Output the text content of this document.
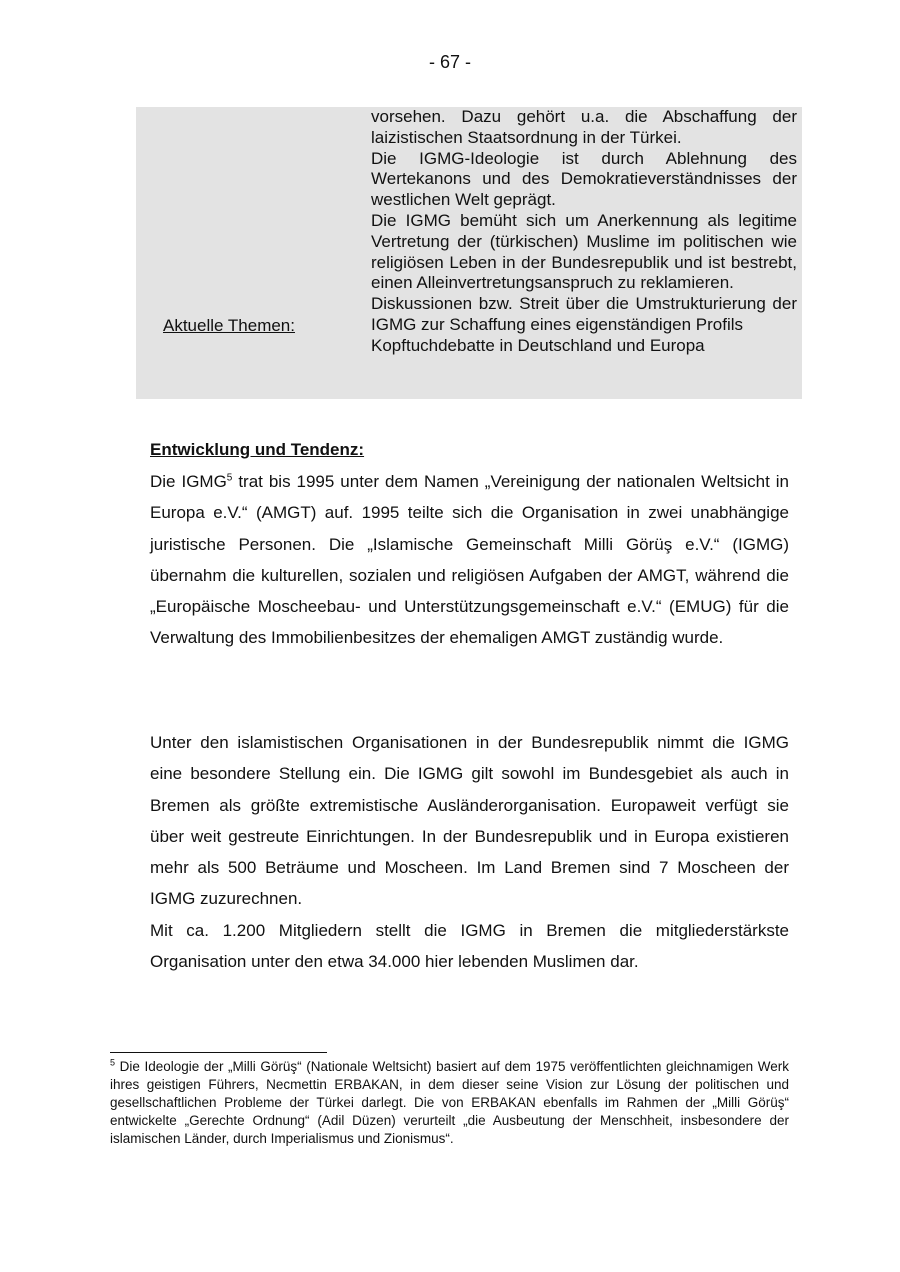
- 67 -
Aktuelle Themen:

vorsehen. Dazu gehört u.a. die Abschaffung der laizistischen Staatsordnung in der Türkei.

Die IGMG-Ideologie ist durch Ablehnung des Wertekanons und des Demokratieverständnisses der westlichen Welt geprägt.

Die IGMG bemüht sich um Anerkennung als legitime Vertretung der (türkischen) Muslime im politischen wie religiösen Leben in der Bundesrepublik und ist bestrebt, einen Alleinvertretungsanspruch zu reklamieren.

Diskussionen bzw. Streit über die Umstrukturierung der IGMG zur Schaffung eines eigenständigen Profils

Kopftuchdebatte in Deutschland und Europa

Entwicklung und Tendenz:

Die IGMG$^5$ trat bis 1995 unter dem Namen „Vereinigung der nationalen Weltsicht in Europa e.V.“ (AMGT) auf. 1995 teilte sich die Organisation in zwei unabhängige juristische Personen. Die „Islamische Gemeinschaft Milli Görüş e.V.“ (IGMG) übernahm die kulturellen, sozialen und religiösen Aufgaben der AMGT, während die „Europäische Moscheebau- und Unterstützungsgemeinschaft e.V.“ (EMUG) für die Verwaltung des Immobilienbesitzes der ehemaligen AMGT zuständig wurde.

Unter den islamistischen Organisationen in der Bundesrepublik nimmt die IGMG eine besondere Stellung ein. Die IGMG gilt sowohl im Bundesgebiet als auch in Bremen als größte extremistische Ausländerorganisation. Europaweit verfügt sie über weit gestreute Einrichtungen. In der Bundesrepublik und in Europa existieren mehr als 500 Beträume und Moscheen. Im Land Bremen sind 7 Moscheen der IGMG zuzurechnen.

Mit ca. 1.200 Mitgliedern stellt die IGMG in Bremen die mitgliederstärkste Organisation unter den etwa 34.000 hier lebenden Muslimen dar.

$^5$ Die Ideologie der „Milli Görüş“ (Nationale Weltsicht) basiert auf dem 1975 veröffentlichten gleichnamigen Werk ihres geistigen Führers, Necmettin ERBAKAN, in dem dieser seine Vision zur Lösung der politischen und gesellschaftlichen Probleme der Türkei darlegt. Die von ERBAKAN ebenfalls im Rahmen der „Milli Görüş“ entwickelte „Gerechte Ordnung“ (Adil Düzen) verurteilt „die Ausbeutung der Menschheit, insbesondere der islamischen Länder, durch Imperialismus und Zionismus“.
